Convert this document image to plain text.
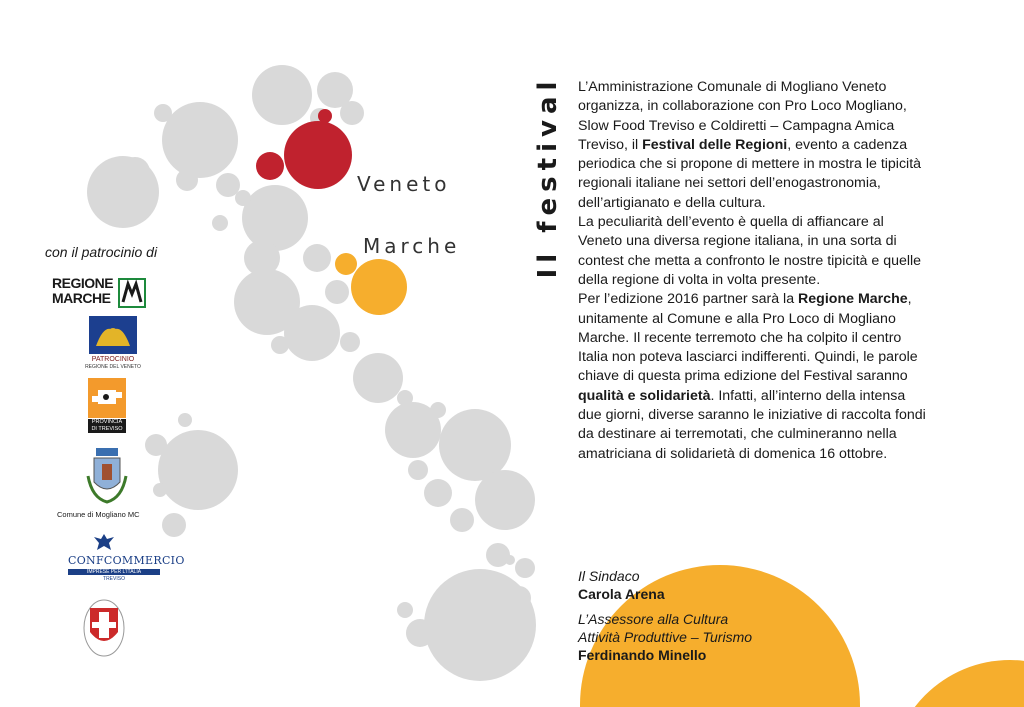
Veneto
Marche	Il festival L’Amministrazione Comunale di Mogliano Veneto organizza, in collaborazione con Pro Loco Mogliano, Slow Food Treviso e Coldiretti – Campagna Amica Treviso, il Festival delle Regioni, evento a cadenza periodica che si propone di mettere in mostra le tipicità regionali italiane nei settori dell’enogastronomia, dell’artigianato e della cultura.

La peculiarità dell’evento è quella di affiancare al Veneto una diversa regione italiana, in una sorta di contest che metta a confronto le nostre tipicità e quelle della regione di volta in volta presente.

Per l’edizione 2016 partner sarà la Regione Marche, unitamente al Comune e alla Pro Loco di Mogliano Marche. Il recente terremoto che ha colpito il centro Italia non poteva lasciarci indifferenti. Quindi, le parole chiave di questa prima edizione del Festival saranno qualità e solidarietà. Infatti, all’interno della intensa due giorni, diverse saranno le iniziative di raccolta fondi da destinare ai terremotati, che culmineranno nella amatriciana di solidarietà di domenica 16 ottobre.

Il Sindaco
Carola Arena
L’Assessore alla Cultura
Attività Produttive – Turismo
Ferdinando Minello
con il patrocinio di
REGIONE
MARCHE
PATROCINIO
REGIONE DEL VENETO
PROVINCIA
DI TREVISO
Comune di Mogliano MC
CONFCOMMERCIO
IMPRESE PER L’ITALIA
TREVISO
